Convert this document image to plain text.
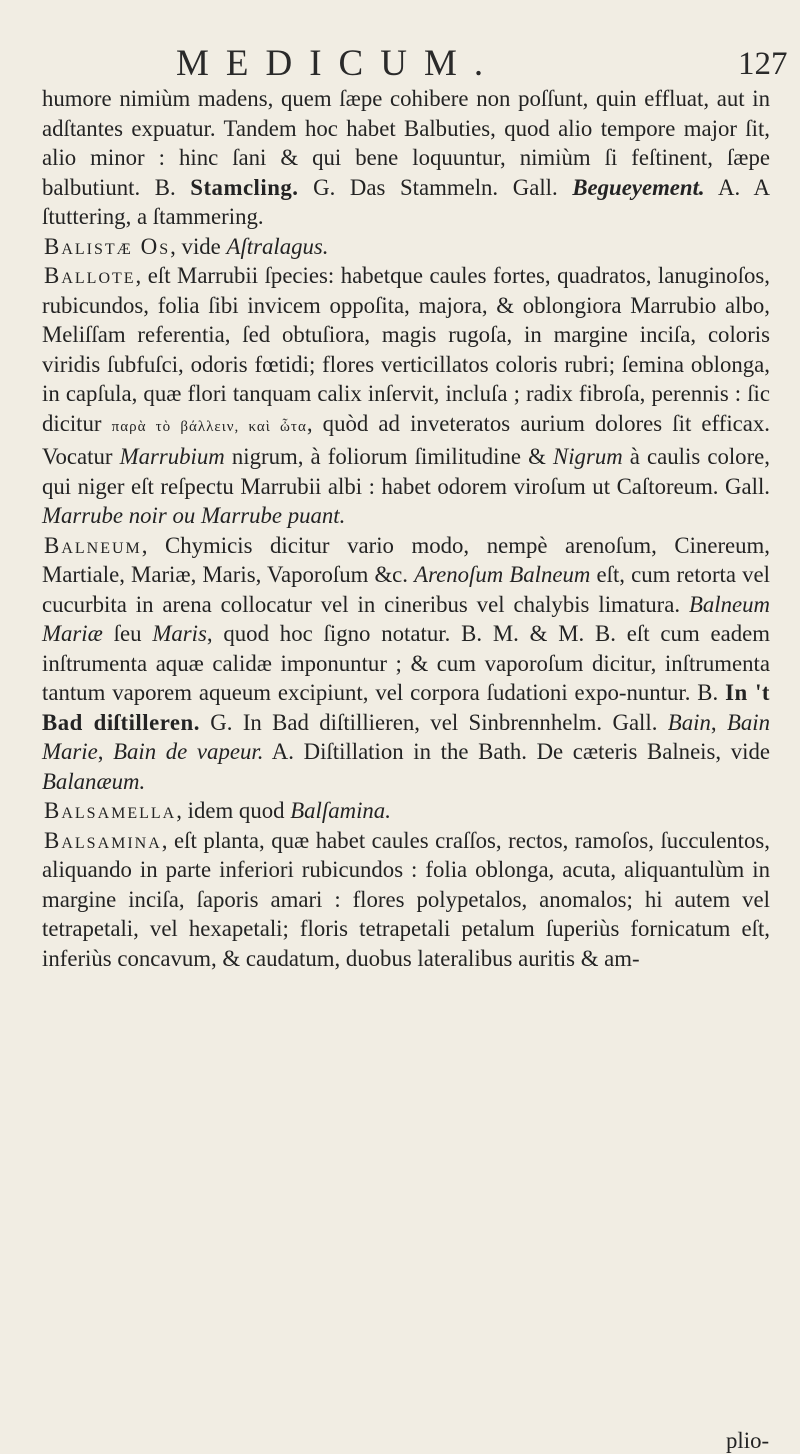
MEDICUM.	127

humore nimiùm madens, quem ſæpe cohibere non poſſunt, quin effluat, aut in adſtantes expuatur. Tandem hoc habet Balbuties, quod alio tempore major ſit, alio minor : hinc ſani & qui bene loquuntur, nimiùm ſi feſtinent, ſæpe balbutiunt. B. Stamcling. G. Das Stammeln. Gall. Begueyement. A. A ſtuttering, a ſtammering.

Balistæ Os, vide Aſtralagus.

Ballote, eſt Marrubii ſpecies: habetque caules fortes, quadratos, lanuginoſos, rubicundos, folia ſibi invicem oppoſita, majora, & oblongiora Marrubio albo, Meliſſam referentia, ſed obtuſiora, magis rugoſa, in margine inciſa, coloris viridis ſubfuſci, odoris fœtidi; flores verticillatos coloris rubri; ſemina oblonga, in capſula, quæ flori tanquam calix inſervit, incluſa ; radix fibroſa, perennis : ſic dicitur παρὰ τὸ βάλλειν, καὶ ὦτα, quòd ad inveteratos aurium dolores ſit efficax. Vocatur Marrubium nigrum, à foliorum ſimilitudine & Nigrum à caulis colore, qui niger eſt reſpectu Marrubii albi : habet odorem viroſum ut Caſtoreum. Gall. Marrube noir ou Marrube puant.

Balneum, Chymicis dicitur vario modo, nempè arenoſum, Cinereum, Martiale, Mariæ, Maris, Vaporoſum &c. Arenoſum Balneum eſt, cum retorta vel cucurbita in arena collocatur vel in cineribus vel chalybis limatura. Balneum Mariæ ſeu Maris, quod hoc ſigno notatur. B. M. & M. B. eſt cum eadem inſtrumenta aquæ calidæ imponuntur ; & cum vaporoſum dicitur, inſtrumenta tantum vaporem aqueum excipiunt, vel corpora ſudationi expo-nuntur. B. In 't Bad diſtilleren. G. In Bad diſtillieren, vel Sinbrennhelm. Gall. Bain, Bain Marie, Bain de vapeur. A. Diſtillation in the Bath. De cæteris Balneis, vide Balanæum.

Balsamella, idem quod Balſamina.

Balsamina, eſt planta, quæ habet caules craſſos, rectos, ramoſos, ſucculentos, aliquando in parte inferiori rubicundos : folia oblonga, acuta, aliquantulùm in margine inciſa, ſaporis amari : flores polypetalos, anomalos; hi autem vel tetrapetali, vel hexapetali; floris tetrapetali petalum ſuperiùs fornicatum eſt, inferiùs concavum, & caudatum, duobus lateralibus auritis & am-

plio-
